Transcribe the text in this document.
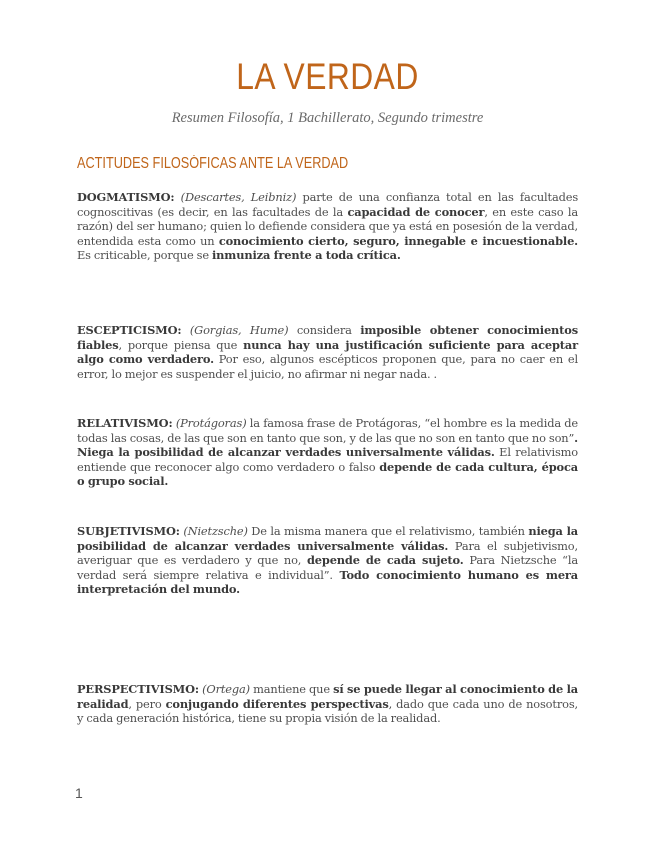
LA VERDAD
Resumen Filosofía, 1 Bachillerato, Segundo trimestre
ACTITUDES FILOSÓFICAS ANTE LA VERDAD

DOGMATISMO: (Descartes, Leibniz) parte de una confianza total en las facultades cognoscitivas (es decir, en las facultades de la capacidad de conocer, en este caso la razón) del ser humano; quien lo defiende considera que ya está en posesión de la verdad, entendida esta como un conocimiento cierto, seguro, innegable e incuestionable. Es criticable, porque se inmuniza frente a toda crítica.

ESCEPTICISMO: (Gorgias, Hume) considera imposible obtener conocimientos fiables, porque piensa que nunca hay una justificación suficiente para aceptar algo como verdadero. Por eso, algunos escépticos proponen que, para no caer en el error, lo mejor es suspender el juicio, no afirmar ni negar nada. .

RELATIVISMO: (Protágoras) la famosa frase de Protágoras, “el hombre es la medida de todas las cosas, de las que son en tanto que son, y de las que no son en tanto que no son”. Niega la posibilidad de alcanzar verdades universalmente válidas. El relativismo entiende que reconocer algo como verdadero o falso depende de cada cultura, época o grupo social.

SUBJETIVISMO: (Nietzsche) De la misma manera que el relativismo, también niega la posibilidad de alcanzar verdades universalmente válidas. Para el subjetivismo, averiguar que es verdadero y que no, depende de cada sujeto. Para Nietzsche “la verdad será siempre relativa e individual”. Todo conocimiento humano es mera interpretación del mundo.

PERSPECTIVISMO: (Ortega) mantiene que sí se puede llegar al conocimiento de la realidad, pero conjugando diferentes perspectivas, dado que cada uno de nosotros, y cada generación histórica, tiene su propia visión de la realidad.

1
